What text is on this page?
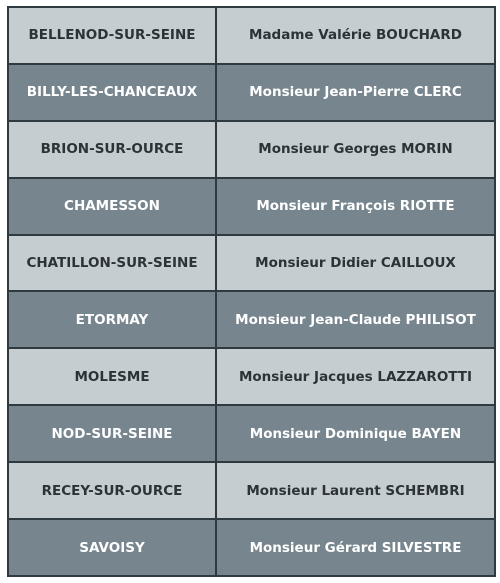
BELLENOD-SUR-SEINE	Madame Valérie BOUCHARD
BILLY-LES-CHANCEAUX	Monsieur Jean-Pierre CLERC
BRION-SUR-OURCE	Monsieur Georges MORIN
CHAMESSON	Monsieur François RIOTTE
CHATILLON-SUR-SEINE	Monsieur Didier CAILLOUX
ETORMAY	Monsieur Jean-Claude PHILISOT
MOLESME	Monsieur Jacques LAZZAROTTI
NOD-SUR-SEINE	Monsieur Dominique BAYEN
RECEY-SUR-OURCE	Monsieur Laurent SCHEMBRI
SAVOISY	Monsieur Gérard SILVESTRE
